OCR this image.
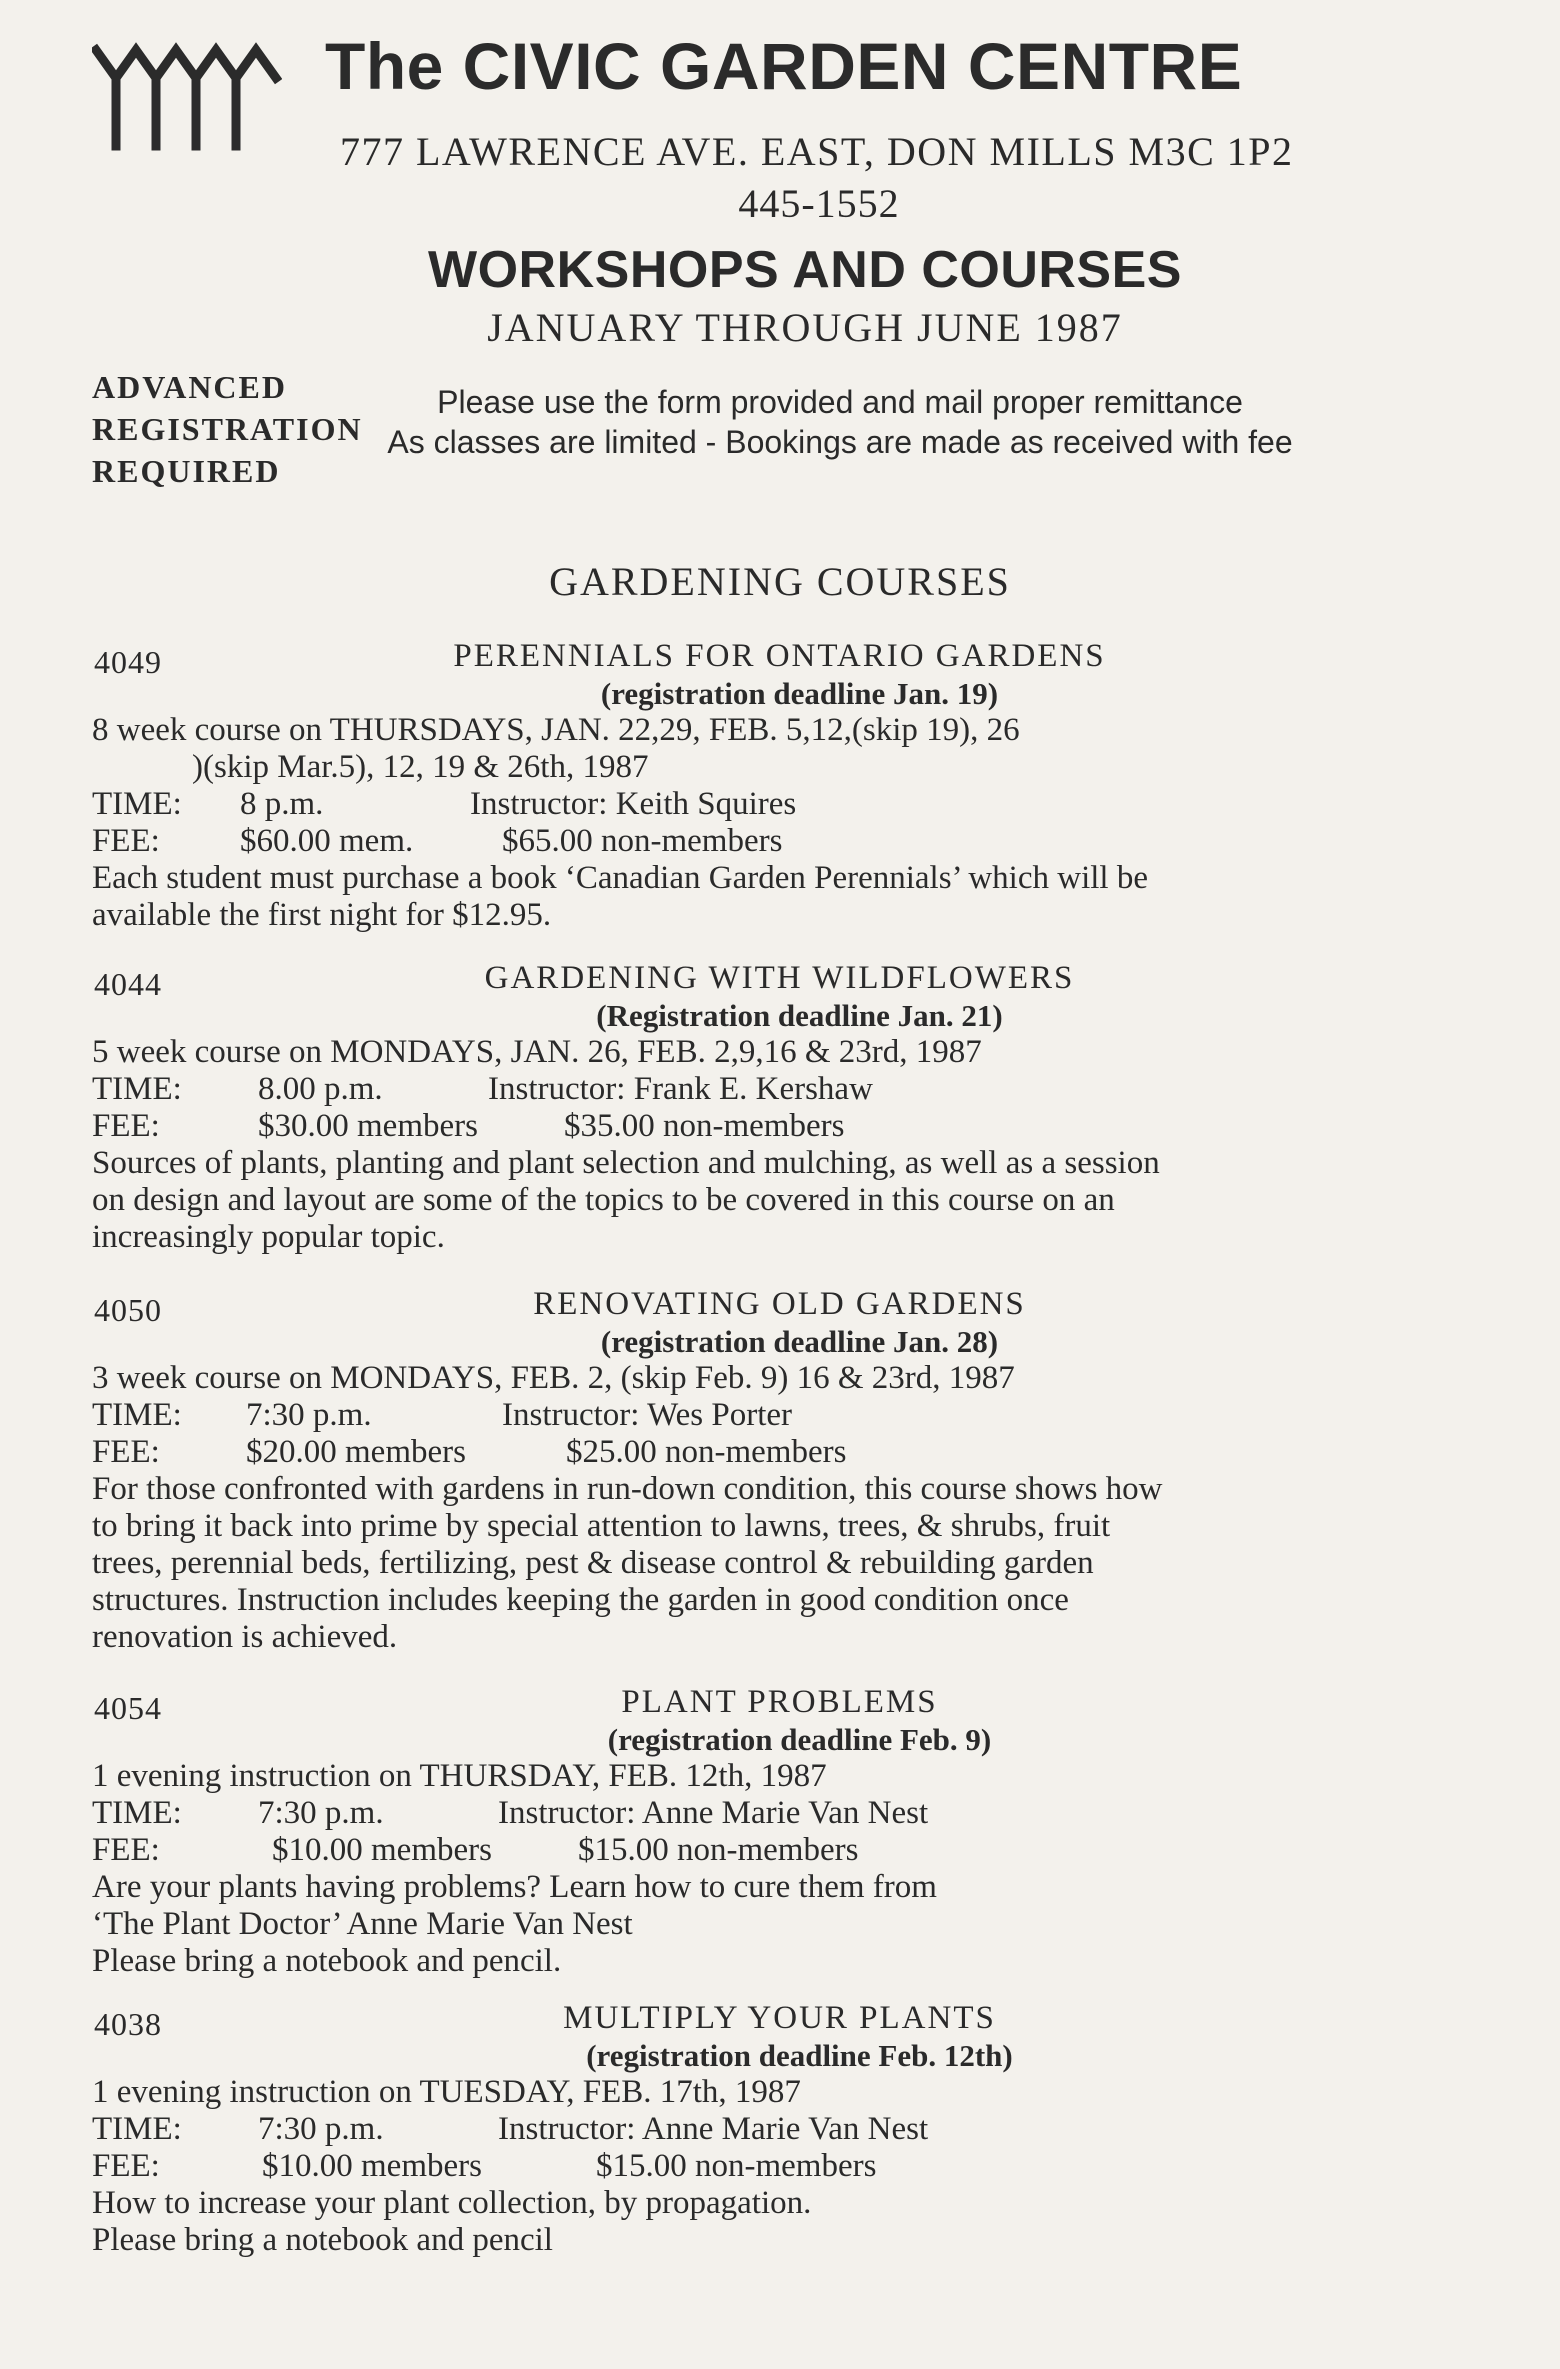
The CIVIC GARDEN CENTRE
777 LAWRENCE AVE. EAST, DON MILLS M3C 1P2
445-1552
WORKSHOPS AND COURSES
JANUARY THROUGH JUNE 1987
ADVANCED
REGISTRATION
REQUIRED
Please use the form provided and mail proper remittance
As classes are limited - Bookings are made as received with fee
GARDENING COURSES
4049	PERENNIALS FOR ONTARIO GARDENS
(registration deadline Jan. 19)
8 week course on THURSDAYS, JAN. 22,29, FEB. 5,12,(skip 19), 26
)(skip Mar.5), 12, 19 & 26th, 1987
TIME:	8 p.m.	Instructor: Keith Squires
FEE:	$60.00 mem.	$65.00 non-members
Each student must purchase a book ‘Canadian Garden Perennials’ which will be
available the first night for $12.95.
4044	GARDENING WITH WILDFLOWERS
(Registration deadline Jan. 21)
5 week course on MONDAYS, JAN. 26, FEB. 2,9,16 & 23rd, 1987
TIME:	8.00 p.m.	Instructor: Frank E. Kershaw
FEE:	$30.00 members	$35.00 non-members
Sources of plants, planting and plant selection and mulching, as well as a session
on design and layout are some of the topics to be covered in this course on an
increasingly popular topic.
4050	RENOVATING OLD GARDENS
(registration deadline Jan. 28)
3 week course on MONDAYS, FEB. 2, (skip Feb. 9) 16 & 23rd, 1987
TIME:	7:30 p.m.	Instructor: Wes Porter
FEE:	$20.00 members	$25.00 non-members
For those confronted with gardens in run-down condition, this course shows how
to bring it back into prime by special attention to lawns, trees, & shrubs, fruit
trees, perennial beds, fertilizing, pest & disease control & rebuilding garden
structures. Instruction includes keeping the garden in good condition once
renovation is achieved.
4054	PLANT PROBLEMS
(registration deadline Feb. 9)
1 evening instruction on THURSDAY, FEB. 12th, 1987
TIME:	7:30 p.m.	Instructor: Anne Marie Van Nest
FEE:	$10.00 members	$15.00 non-members
Are your plants having problems? Learn how to cure them from
‘The Plant Doctor’ Anne Marie Van Nest
Please bring a notebook and pencil.
4038	MULTIPLY YOUR PLANTS
(registration deadline Feb. 12th)
1 evening instruction on TUESDAY, FEB. 17th, 1987
TIME:	7:30 p.m.	Instructor: Anne Marie Van Nest
FEE:	$10.00 members	$15.00 non-members
How to increase your plant collection, by propagation.
Please bring a notebook and pencil
